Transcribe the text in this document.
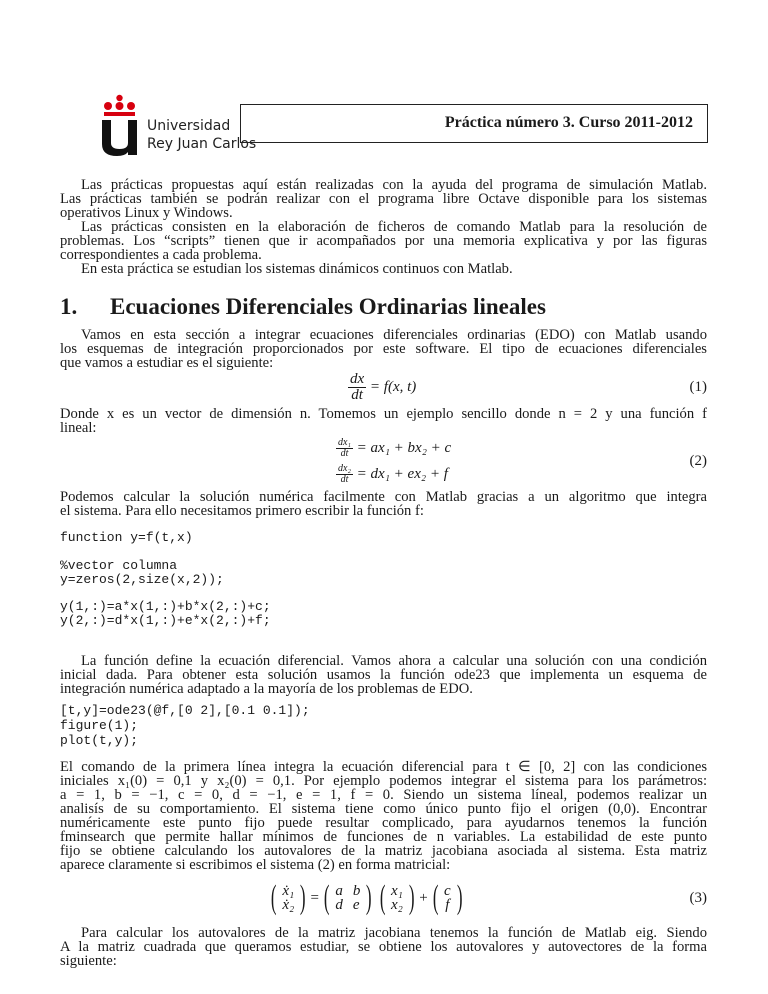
Universidad
Rey Juan Carlos
Práctica número 3. Curso 2011-2012
Las prácticas propuestas aquí están realizadas con la ayuda del programa de simulación Matlab.
Las prácticas también se podrán realizar con el programa libre Octave disponible para los sistemas
operativos Linux y Windows.
Las prácticas consisten en la elaboración de ficheros de comando Matlab para la resolución de
problemas. Los “scripts” tienen que ir acompañados por una memoria explicativa y por las figuras
correspondientes a cada problema.
En esta práctica se estudian los sistemas dinámicos continuos con Matlab.
1. Ecuaciones Diferenciales Ordinarias lineales
Vamos en esta sección a integrar ecuaciones diferenciales ordinarias (EDO) con Matlab usando
los esquemas de integración proporcionados por este software. El tipo de ecuaciones diferenciales
que vamos a estudiar es el siguiente:
$\frac{dx}{dt} = f(x$, t)	(1)
Donde x es un vector de dimensión n. Tomemos un ejemplo sencillo donde n = 2 y una función f
lineal:
$\frac{\text{dx₁}}{dt} = ax_1 + bx_2 + c$
$\frac{\text{dx₂}}{dt} = dx_1 + ex_2 + f$
(2)
Podemos calcular la solución numérica facilmente con Matlab gracias a un algoritmo que integra
el sistema. Para ello necesitamos primero escribir la función f:
function y=f(t,x)
%vector columna
y=zeros(2,size(x,2));
y(1,:)=a*x(1,:)+b*x(2,:)+c;
y(2,:)=d*x(1,:)+e*x(2,:)+f;
La función define la ecuación diferencial. Vamos ahora a calcular una solución con una condición
inicial dada. Para obtener esta solución usamos la función ode23 que implementa un esquema de
integración numérica adaptado a la mayoría de los problemas de EDO.
[t,y]=ode23(@f,[0 2],[0.1 0.1]);
figure(1);
plot(t,y);
El comando de la primera línea integra la ecuación diferencial para t ∈ [0, 2] con las condiciones
iniciales x₁(0) = 0,1 y x₂(0) = 0,1. Por ejemplo podemos integrar el sistema para los parámetros:
a = 1, b = −1, c = 0, d = −1, e = 1, f = 0. Siendo un sistema líneal, podemos realizar un
analisís de su comportamiento. El sistema tiene como único punto fijo el origen (0,0). Encontrar
numéricamente este punto fijo puede resultar complicado, para ayudarnos tenemos la función
fminsearch que permite hallar mínimos de funciones de n variables. La estabilidad de este punto
fijo se obtiene calculando los autovalores de la matriz jacobiana asociada al sistema. Esta matriz
aparece claramente si escribimos el sistema (2) en forma matricial:
( ẋ₁
ẋ₂ ) = ( a b
d e ) ( x₁
x₂ ) + ( c
f )	(3)
Para calcular los autovalores de la matriz jacobiana tenemos la función de Matlab eig. Siendo
A la matriz cuadrada que queramos estudiar, se obtiene los autovalores y autovectores de la forma
siguiente:
